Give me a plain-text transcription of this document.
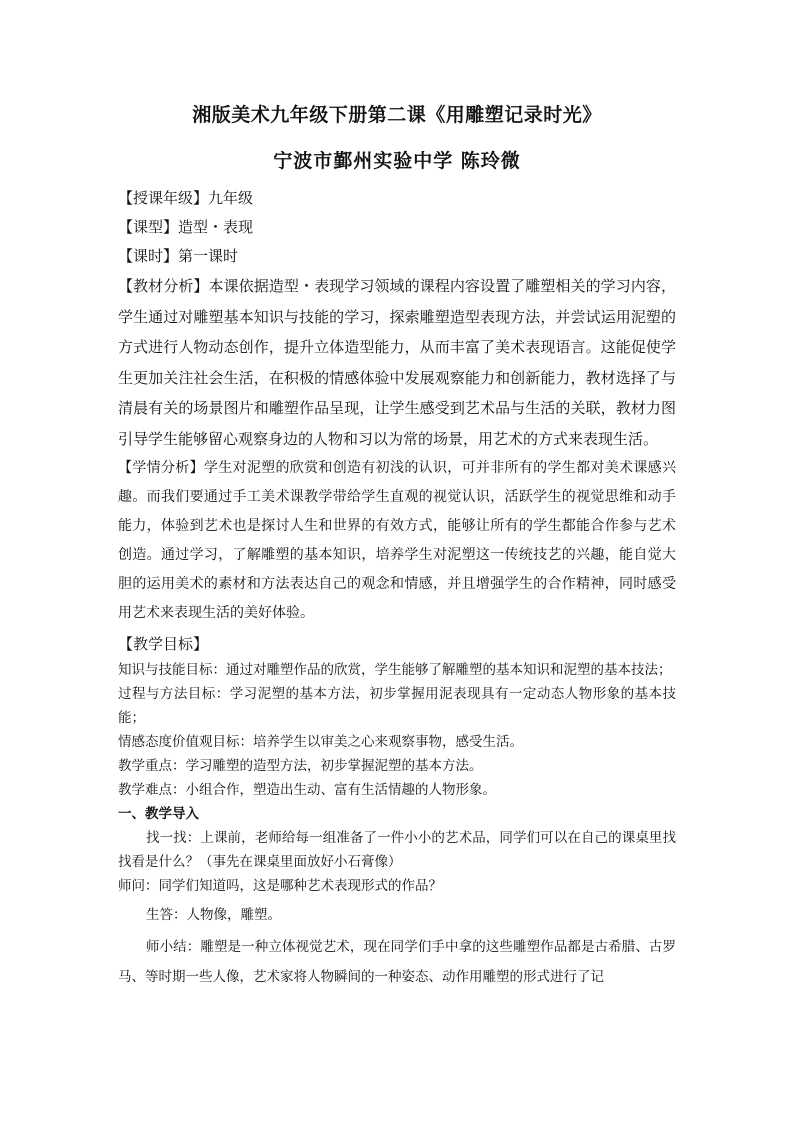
湘版美术九年级下册第二课《用雕塑记录时光》
宁波市鄞州实验中学 陈玲微

【授课年级】九年级

【课型】造型・表现

【课时】第一课时

【教材分析】本课依据造型・表现学习领域的课程内容设置了雕塑相关的学习内容，学生通过对雕塑基本知识与技能的学习，探索雕塑造型表现方法，并尝试运用泥塑的方式进行人物动态创作，提升立体造型能力，从而丰富了美术表现语言。这能促使学生更加关注社会生活，在积极的情感体验中发展观察能力和创新能力，教材选择了与清晨有关的场景图片和雕塑作品呈现，让学生感受到艺术品与生活的关联，教材力图引导学生能够留心观察身边的人物和习以为常的场景，用艺术的方式来表现生活。

【学情分析】学生对泥塑的欣赏和创造有初浅的认识，可并非所有的学生都对美术课感兴趣。而我们要通过手工美术课教学带给学生直观的视觉认识，活跃学生的视觉思维和动手能力，体验到艺术也是探讨人生和世界的有效方式，能够让所有的学生都能合作参与艺术创造。通过学习，了解雕塑的基本知识，培养学生对泥塑这一传统技艺的兴趣，能自觉大胆的运用美术的素材和方法表达自己的观念和情感，并且增强学生的合作精神，同时感受用艺术来表现生活的美好体验。

【教学目标】

知识与技能目标：通过对雕塑作品的欣赏，学生能够了解雕塑的基本知识和泥塑的基本技法；

过程与方法目标：学习泥塑的基本方法，初步掌握用泥表现具有一定动态人物形象的基本技能；

情感态度价值观目标：培养学生以审美之心来观察事物，感受生活。

教学重点：学习雕塑的造型方法，初步掌握泥塑的基本方法。

教学难点：小组合作，塑造出生动、富有生活情趣的人物形象。

一、教学导入

找一找：上课前，老师给每一组准备了一件小小的艺术品，同学们可以在自己的课桌里找找看是什么？（事先在课桌里面放好小石膏像）

师问：同学们知道吗，这是哪种艺术表现形式的作品？

生答：人物像，雕塑。

师小结：雕塑是一种立体视觉艺术，现在同学们手中拿的这些雕塑作品都是古希腊、古罗马、等时期一些人像，艺术家将人物瞬间的一种姿态、动作用雕塑的形式进行了记
